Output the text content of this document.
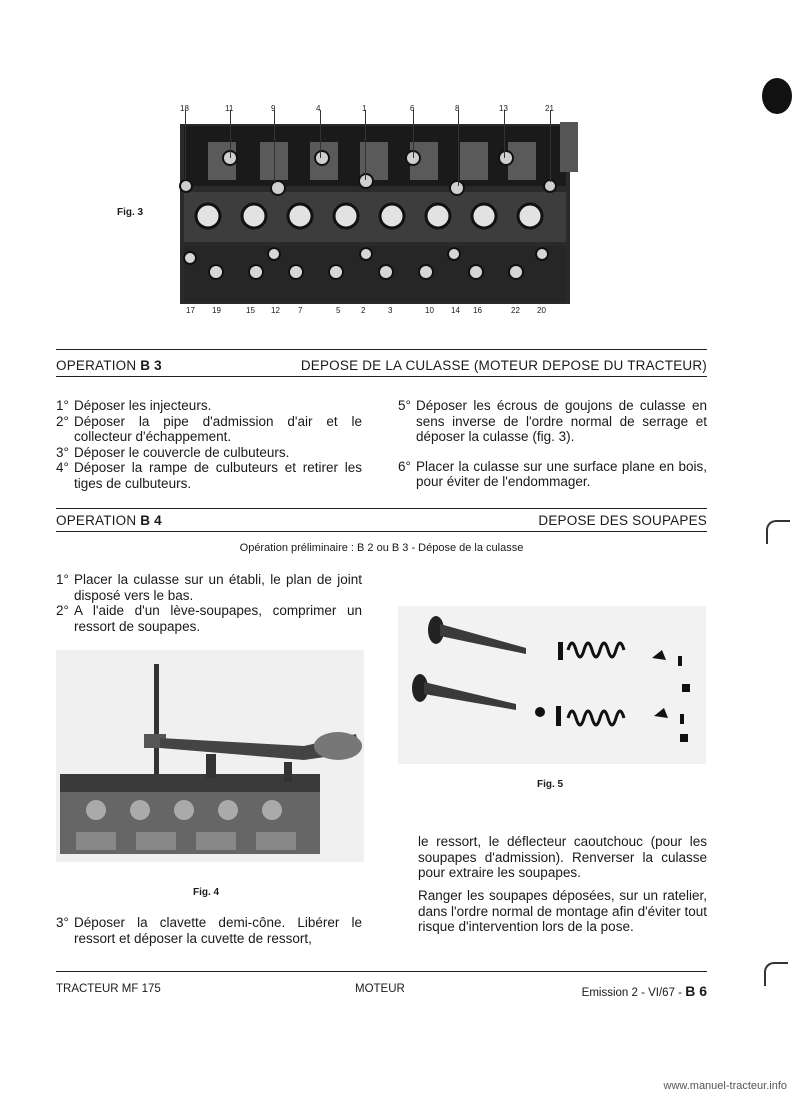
Fig. 3
18	11	9	4	1	6	8	13	21
17 19	15 12 7	5	2	3	10 14 16	22 20
OPERATION B 3	DEPOSE DE LA CULASSE (MOTEUR DEPOSE DU TRACTEUR)
1° Déposer les injecteurs.
2° Déposer la pipe d'admission d'air et le collecteur d'échappement.
3° Déposer le couvercle de culbuteurs.
4° Déposer la rampe de culbuteurs et retirer les tiges de culbuteurs.
5° Déposer les écrous de goujons de culasse en sens inverse de l'ordre normal de serrage et déposer la culasse (fig. 3).
6° Placer la culasse sur une surface plane en bois, pour éviter de l'endommager.
OPERATION B 4	DEPOSE DES SOUPAPES
Opération préliminaire : B 2 ou B 3 - Dépose de la culasse
1° Placer la culasse sur un établi, le plan de joint disposé vers le bas.
2° A l'aide d'un lève-soupapes, comprimer un ressort de soupapes.
Fig. 5
Fig. 4
3° Déposer la clavette demi-cône. Libérer le ressort et déposer la cuvette de ressort,
le ressort, le déflecteur caoutchouc (pour les soupapes d'admission). Renverser la culasse pour extraire les soupapes.
Ranger les soupapes déposées, sur un ratelier, dans l'ordre normal de montage afin d'éviter tout risque d'intervention lors de la pose.
TRACTEUR MF 175	MOTEUR	Emission 2 - VI/67 - B 6
www.manuel-tracteur.info
